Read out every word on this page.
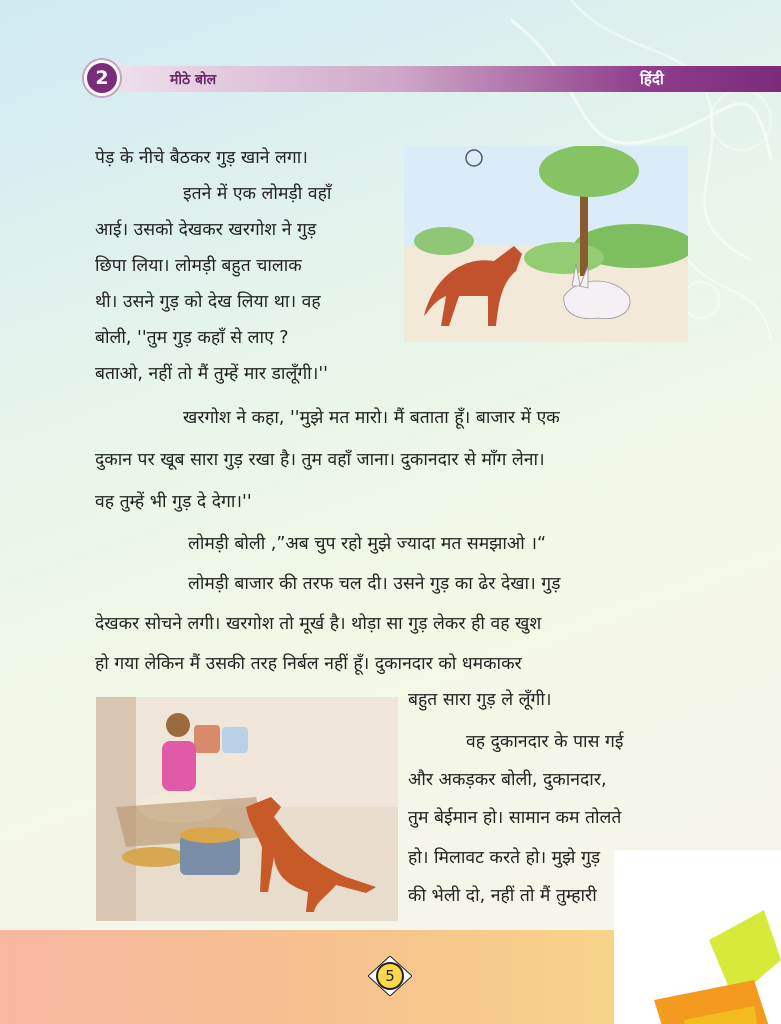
2	मीठे बोल	हिंदी
पेड़ के नीचे बैठकर गुड़ खाने लगा।
इतने में एक लोमड़ी वहाँ
आई। उसको देखकर खरगोश ने गुड़
छिपा लिया। लोमड़ी बहुत चालाक
थी। उसने गुड़ को देख लिया था। वह
बोली, ''तुम गुड़ कहाँ से लाए ?
बताओ, नहीं तो मैं तुम्हें मार डालूँगी।''
खरगोश ने कहा, ''मुझे मत मारो। मैं बताता हूँ। बाजार में एक
दुकान पर खूब सारा गुड़ रखा है। तुम वहाँ जाना। दुकानदार से माँग लेना।
वह तुम्हें भी गुड़ दे देगा।''
लोमड़ी बोली ,”अब चुप रहो मुझे ज्यादा मत समझाओ ।“
लोमड़ी बाजार की तरफ चल दी। उसने गुड़ का ढेर देखा। गुड़
देखकर सोचने लगी। खरगोश तो मूर्ख है। थोड़ा सा गुड़ लेकर ही वह खुश
हो गया लेकिन मैं उसकी तरह निर्बल नहीं हूँ। दुकानदार को धमकाकर
बहुत सारा गुड़ ले लूँगी।
वह दुकानदार के पास गई
और अकड़कर बोली, दुकानदार,
तुम बेईमान हो। सामान कम तोलते
हो। मिलावट करते हो। मुझे गुड़
की भेली दो, नहीं तो मैं तुम्हारी
5
